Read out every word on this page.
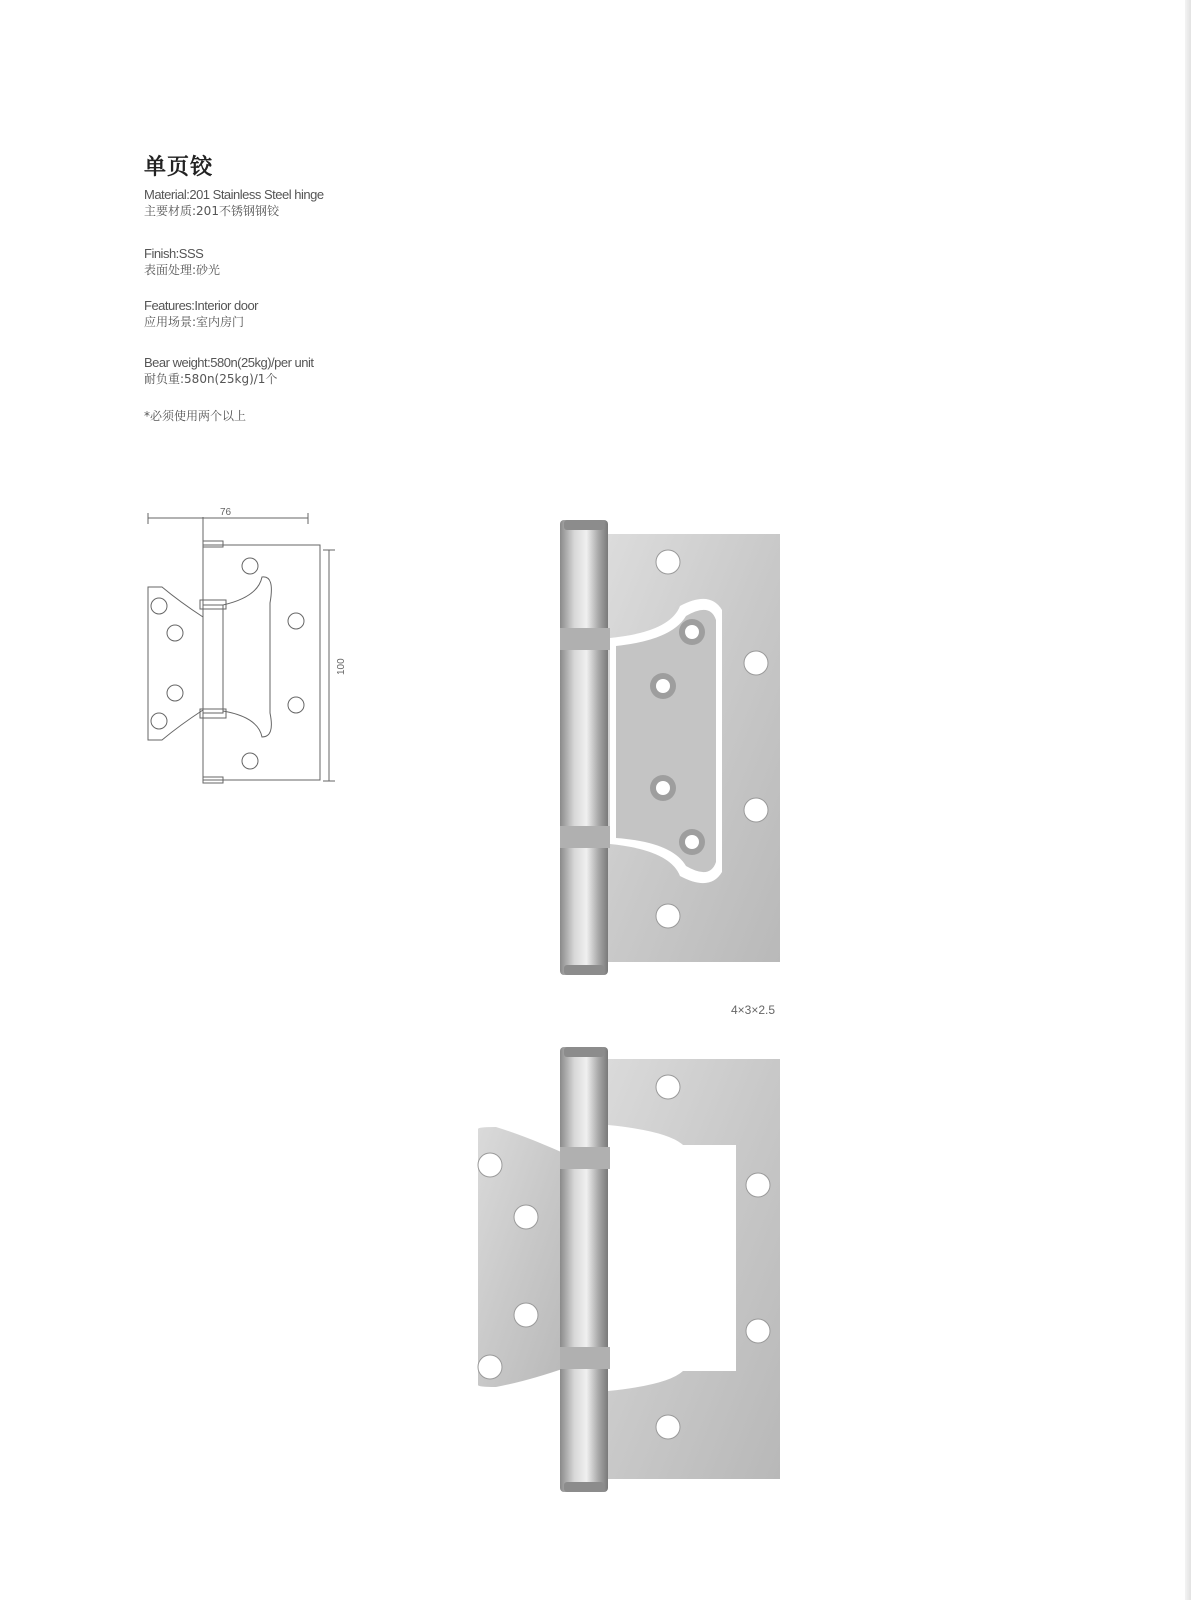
单页铰
Material:201 Stainless Steel hinge
主要材质:201不锈钢钢铰
Finish:SSS
表面处理:砂光
Features:Interior door
应用场景:室内房门
Bear weight:580n(25kg)/per unit
耐负重:580n(25kg)/1个
*必须使用两个以上
76
100
4×3×2.5
